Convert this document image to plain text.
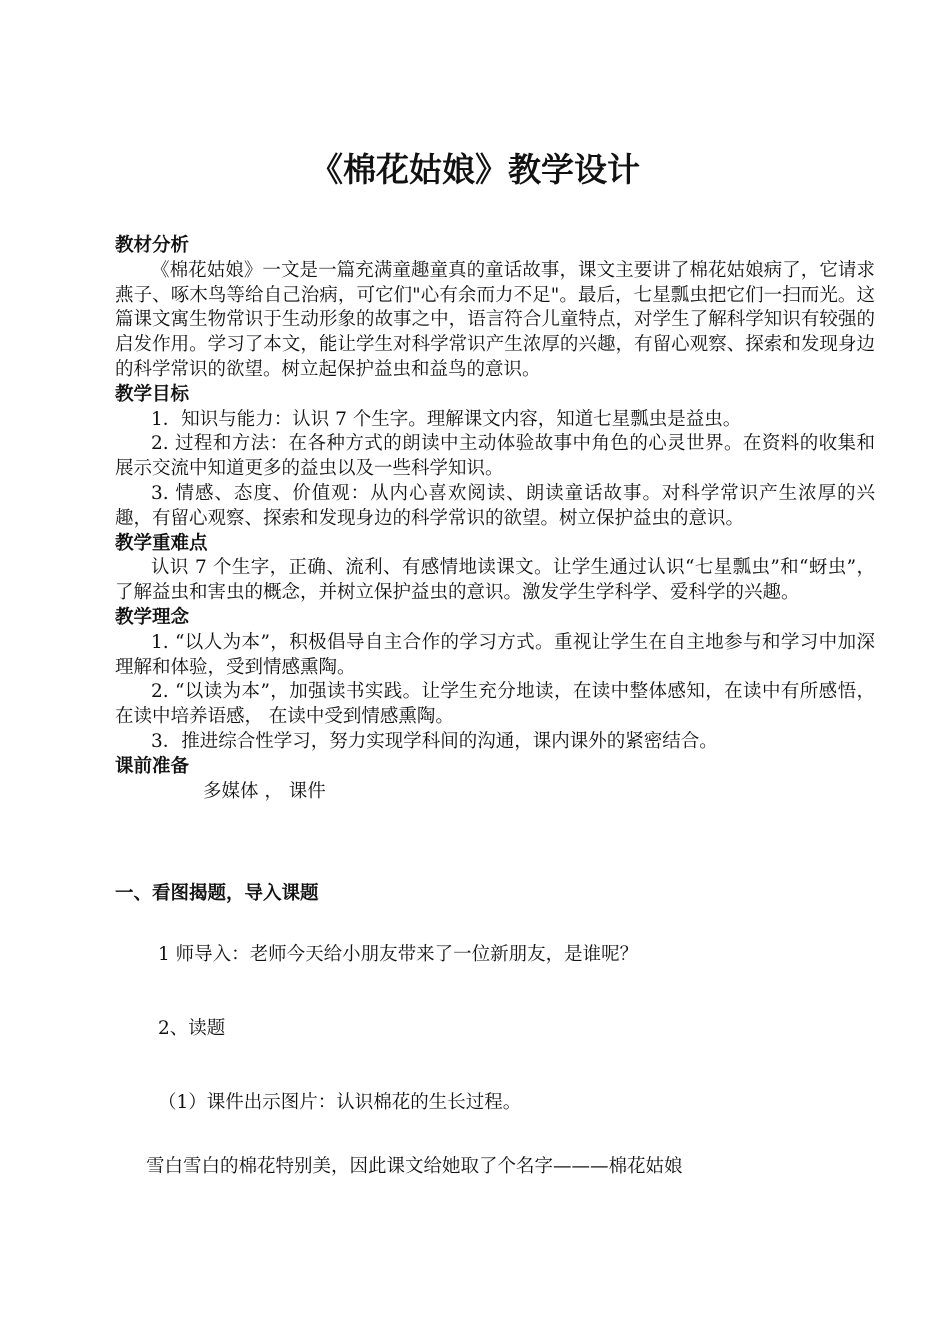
《棉花姑娘》教学设计

教材分析

《棉花姑娘》一文是一篇充满童趣童真的童话故事，课文主要讲了棉花姑娘病了，它请求燕子、啄木鸟等给自己治病，可它们"心有余而力不足"。最后，七星瓢虫把它们一扫而光。这篇课文寓生物常识于生动形象的故事之中，语言符合儿童特点，对学生了解科学知识有较强的启发作用。学习了本文，能让学生对科学常识产生浓厚的兴趣，有留心观察、探索和发现身边的科学常识的欲望。树立起保护益虫和益鸟的意识。

教学目标

1．知识与能力：认识 7 个生字。理解课文内容，知道七星瓢虫是益虫。

2. 过程和方法：在各种方式的朗读中主动体验故事中角色的心灵世界。在资料的收集和展示交流中知道更多的益虫以及一些科学知识。

3. 情感、态度、价值观：从内心喜欢阅读、朗读童话故事。对科学常识产生浓厚的兴趣，有留心观察、探索和发现身边的科学常识的欲望。树立保护益虫的意识。

教学重难点

认识 7 个生字，正确、流利、有感情地读课文。让学生通过认识“七星瓢虫”和“蚜虫”，了解益虫和害虫的概念，并树立保护益虫的意识。激发学生学科学、爱科学的兴趣。

教学理念

1. “以人为本”，积极倡导自主合作的学习方式。重视让学生在自主地参与和学习中加深理解和体验，受到情感熏陶。

2. “以读为本”，加强读书实践。让学生充分地读，在读中整体感知，在读中有所感悟， 在读中培养语感， 在读中受到情感熏陶。

3．推进综合性学习，努力实现学科间的沟通，课内课外的紧密结合。

课前准备

多媒体 ， 课件

一、看图揭题，导入课题

1 师导入：老师今天给小朋友带来了一位新朋友，是谁呢？

2、读题

（1）课件出示图片：认识棉花的生长过程。

雪白雪白的棉花特别美，因此课文给她取了个名字———棉花姑娘
